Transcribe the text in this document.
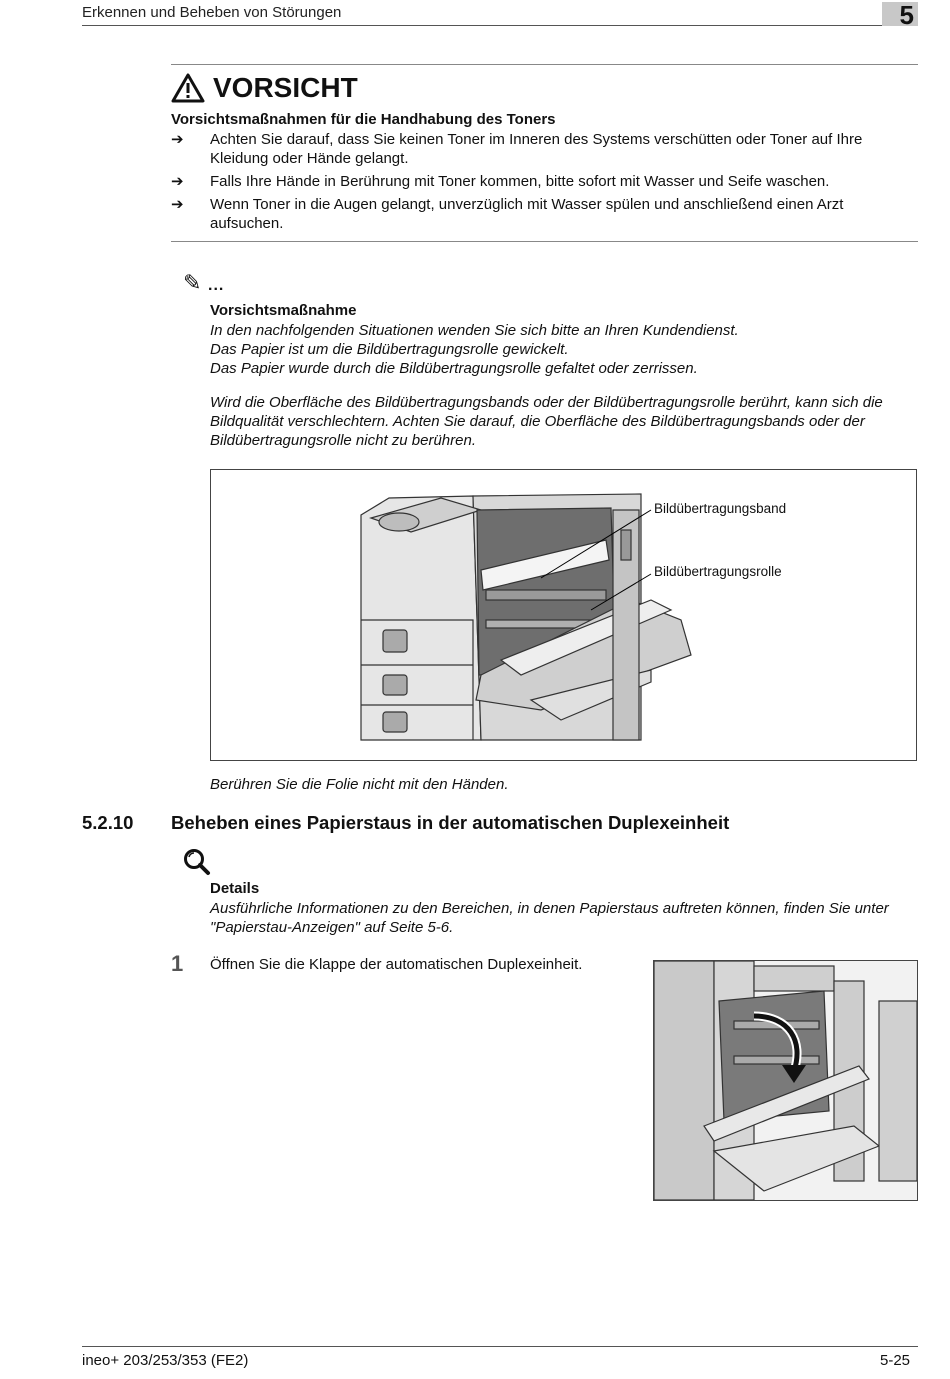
Erkennen und Beheben von Störungen	5
VORSICHT
Vorsichtsmaßnahmen für die Handhabung des Toners
➔ Achten Sie darauf, dass Sie keinen Toner im Inneren des Systems verschütten oder Toner auf Ihre Kleidung oder Hände gelangt.
➔ Falls Ihre Hände in Berührung mit Toner kommen, bitte sofort mit Wasser und Seife waschen.
➔ Wenn Toner in die Augen gelangt, unverzüglich mit Wasser spülen und anschließend einen Arzt aufsuchen.
✎ ...
Vorsichtsmaßnahme
In den nachfolgenden Situationen wenden Sie sich bitte an Ihren Kundendienst.
Das Papier ist um die Bildübertragungsrolle gewickelt.
Das Papier wurde durch die Bildübertragungsrolle gefaltet oder zerrissen.
Wird die Oberfläche des Bildübertragungsbands oder der Bildübertragungsrolle berührt, kann sich die Bildqualität verschlechtern. Achten Sie darauf, die Oberfläche des Bildübertragungsbands oder der Bildübertragungsrolle nicht zu berühren.
Bildübertragungsband
Bildübertragungsrolle
Berühren Sie die Folie nicht mit den Händen.
5.2.10 Beheben eines Papierstaus in der automatischen Duplexeinheit
Details
Ausführliche Informationen zu den Bereichen, in denen Papierstaus auftreten können, finden Sie unter
"Papierstau-Anzeigen" auf Seite 5-6.
1 Öffnen Sie die Klappe der automatischen Duplexeinheit.
ineo+ 203/253/353 (FE2)	5-25
